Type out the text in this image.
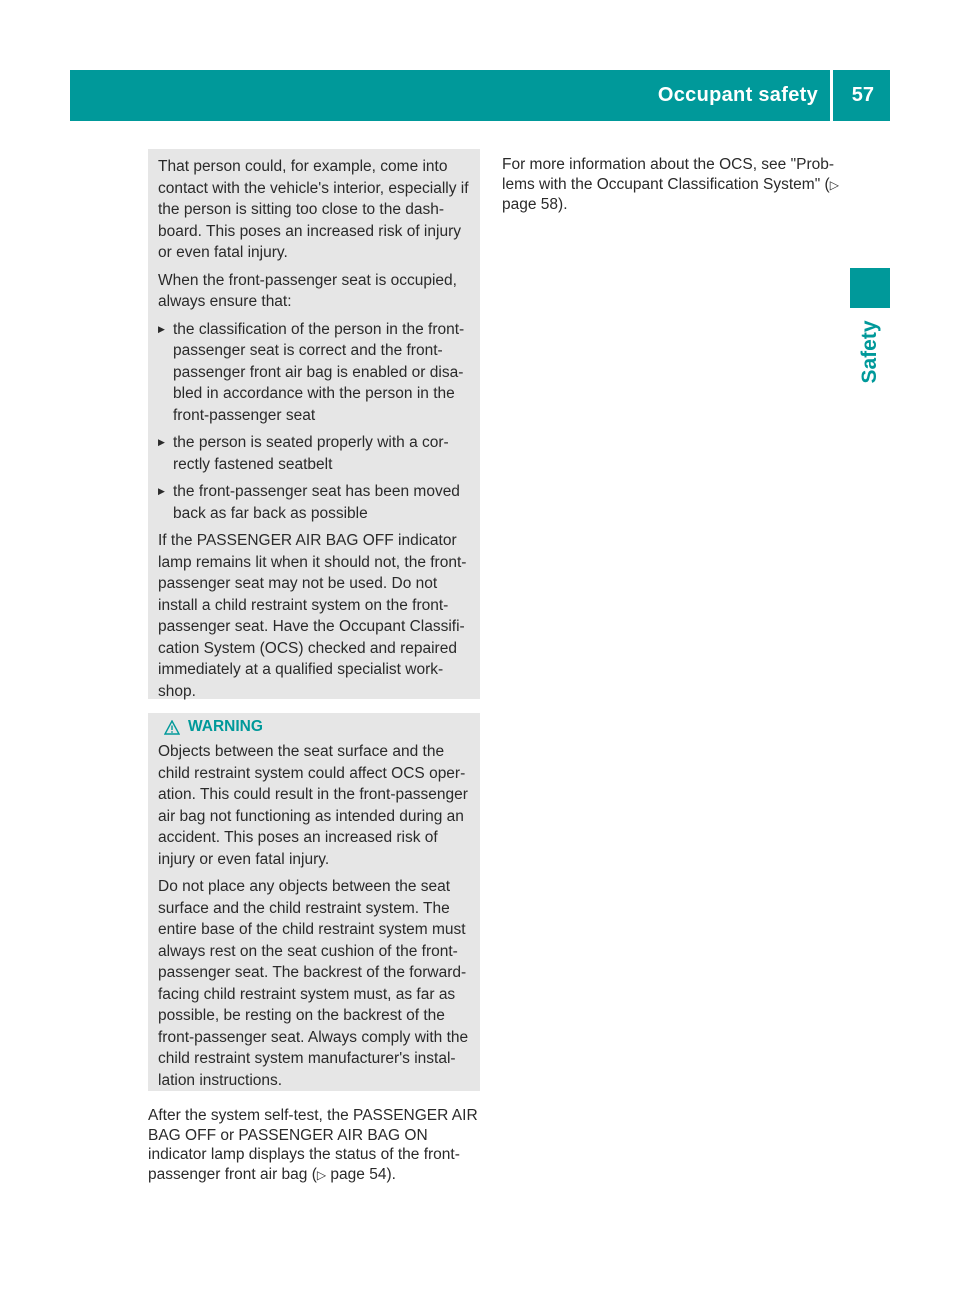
Occupant safety 57
Safety

That person could, for example, come into contact with the vehicle's interior, especially if the person is sitting too close to the dash-board. This poses an increased risk of injury or even fatal injury.

When the front-passenger seat is occupied, always ensure that:

▶ the classification of the person in the front-passenger seat is correct and the front-passenger front air bag is enabled or disa-bled in accordance with the person in the front-passenger seat
▶ the person is seated properly with a cor-rectly fastened seatbelt
▶ the front-passenger seat has been moved back as far back as possible

If the PASSENGER AIR BAG OFF indicator lamp remains lit when it should not, the front-passenger seat may not be used. Do not install a child restraint system on the front-passenger seat. Have the Occupant Classifi-cation System (OCS) checked and repaired immediately at a qualified specialist work-shop.

WARNING

Objects between the seat surface and the child restraint system could affect OCS oper-ation. This could result in the front-passenger air bag not functioning as intended during an accident. This poses an increased risk of injury or even fatal injury.

Do not place any objects between the seat surface and the child restraint system. The entire base of the child restraint system must always rest on the seat cushion of the front-passenger seat. The backrest of the forward-facing child restraint system must, as far as possible, be resting on the backrest of the front-passenger seat. Always comply with the child restraint system manufacturer's instal-lation instructions.

After the system self-test, the PASSENGER AIR BAG OFF or PASSENGER AIR BAG ON indicator lamp displays the status of the front-passenger front air bag (▷ page 54).
For more information about the OCS, see "Prob-lems with the Occupant Classification System" (▷ page 58).
